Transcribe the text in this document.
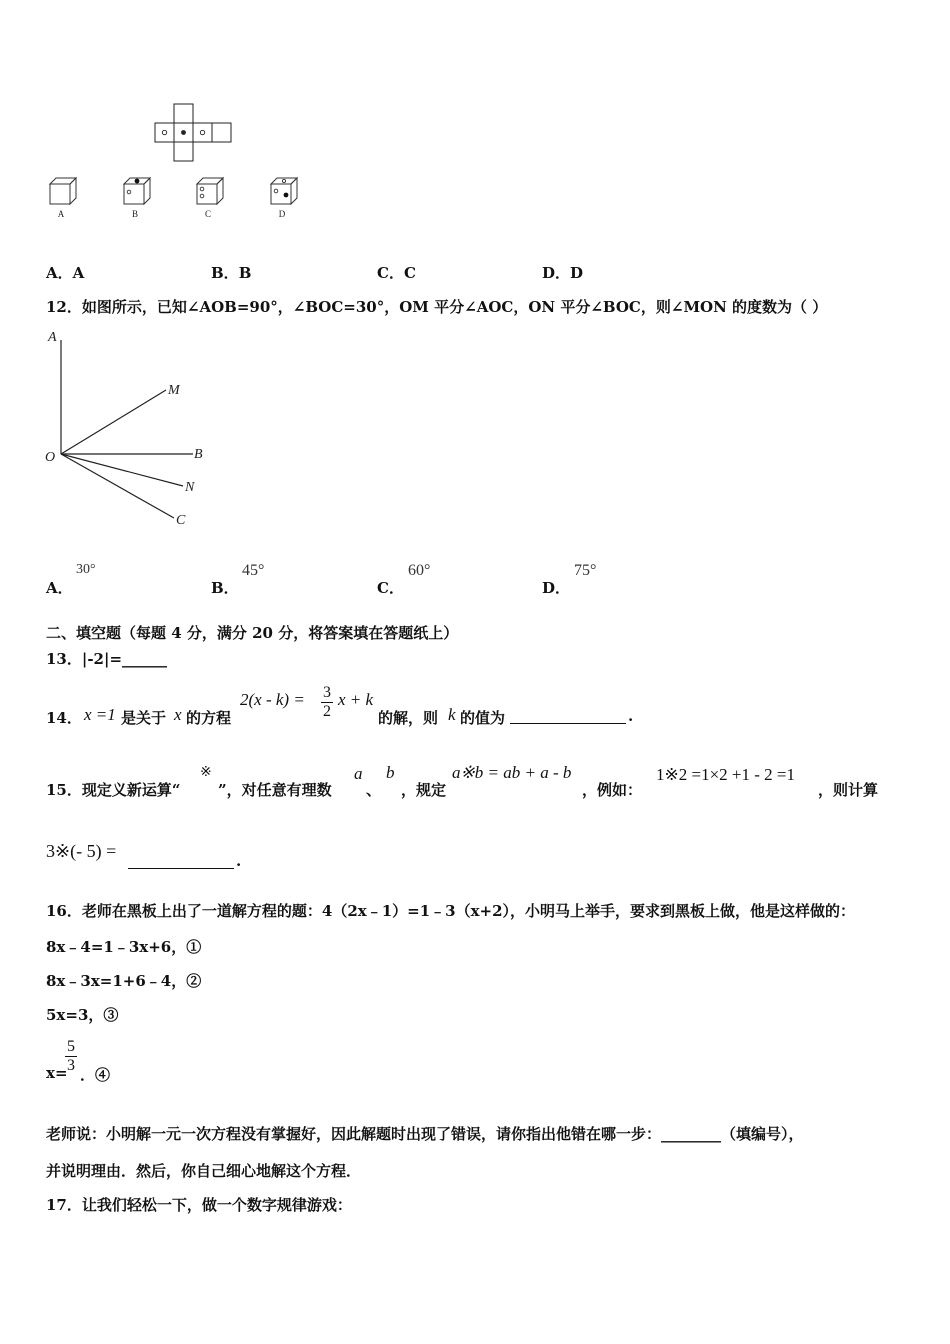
A	B	C	D
A．A	B．B	C．C	D．D
12．如图所示，已知∠AOB=90°，∠BOC=30°，OM 平分∠AOC，ON 平分∠BOC，则∠MON 的度数为（ ）
A
M
O	B
N
C
A．
30°
B．
45°
C．
60°
D．
75°
二、填空题（每题 4 分，满分 20 分，将答案填在答题纸上）
13．|-2|=______
14． x =1 是关于 x 的方程
$2(x - k) = \frac{3}{2}$ x + k
的解，则 k 的值为	.
15．现定义新运算“
※
”，对任意有理数
a
、
b
，规定
a※b = ab + a - b
，例如：
1※2 =1×2 +1 - 2 =1
，则计算
3※(- 5) =	.
16．老师在黑板上出了一道解方程的题：4（2x﹣1）=1﹣3（x+2），小明马上举手，要求到黑板上做，他是这样做的：
8x﹣4=1﹣3x+6，①
8x﹣3x=1+6﹣4，②
5x=3，③
x=
$\frac{5}{3}$ ．④
老师说：小明解一元一次方程没有掌握好，因此解题时出现了错误，请你指出他错在哪一步：________（填编号），
并说明理由．然后，你自己细心地解这个方程．
17．让我们轻松一下，做一个数字规律游戏：
